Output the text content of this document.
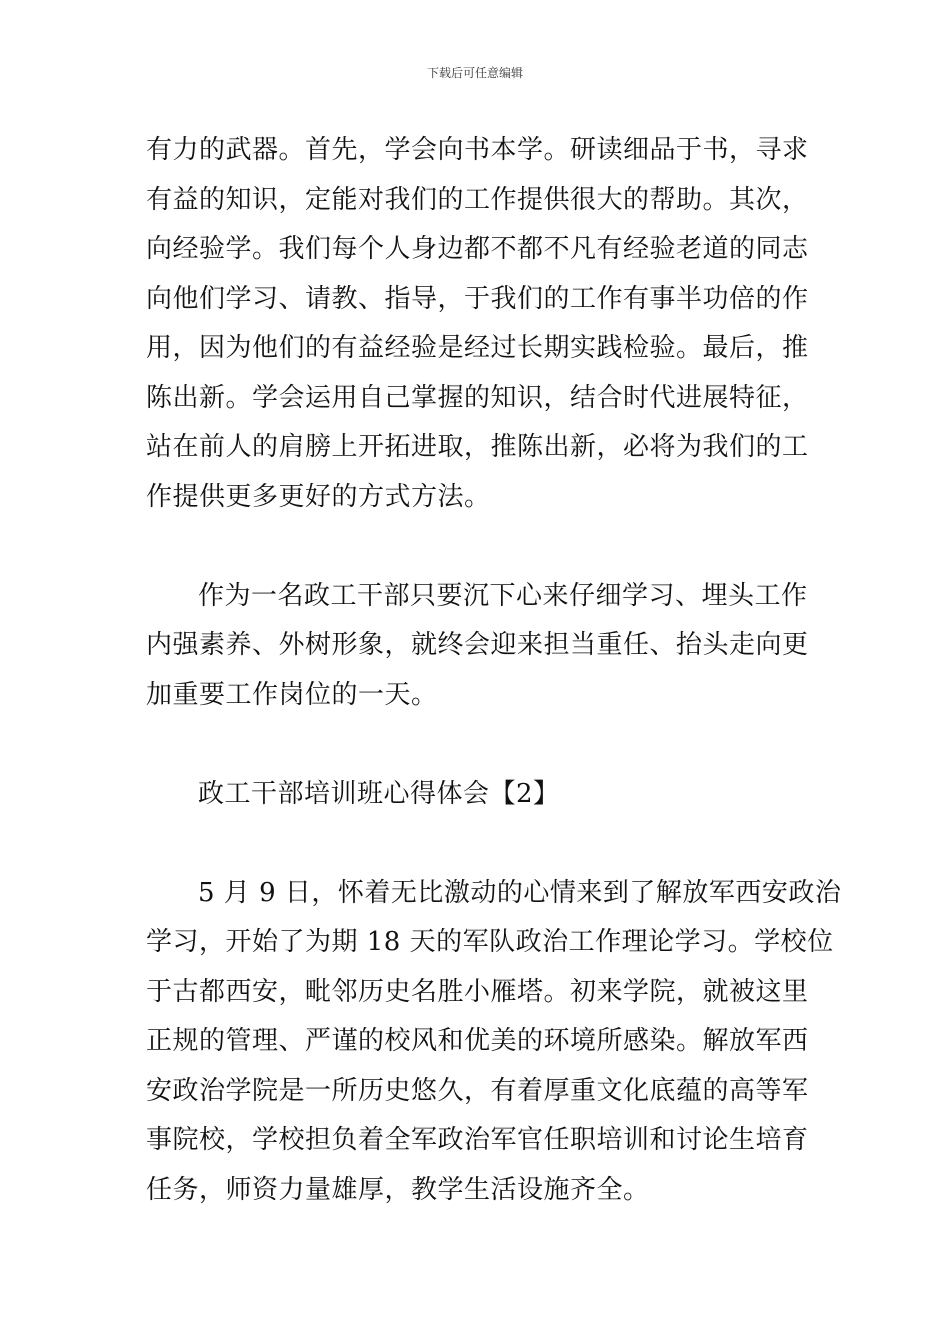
下载后可任意编辑
有力的武器。首先，学会向书本学。研读细品于书，寻求
有益的知识，定能对我们的工作提供很大的帮助。其次，
向经验学。我们每个人身边都不都不凡有经验老道的同志
向他们学习、请教、指导，于我们的工作有事半功倍的作
用，因为他们的有益经验是经过长期实践检验。最后，推
陈出新。学会运用自己掌握的知识，结合时代进展特征，
站在前人的肩膀上开拓进取，推陈出新，必将为我们的工
作提供更多更好的方式方法。
作为一名政工干部只要沉下心来仔细学习、埋头工作
内强素养、外树形象，就终会迎来担当重任、抬头走向更
加重要工作岗位的一天。
政工干部培训班心得体会【2】
5 月 9 日，怀着无比激动的心情来到了解放军西安政治
学习，开始了为期 18 天的军队政治工作理论学习。学校位
于古都西安，毗邻历史名胜小雁塔。初来学院，就被这里
正规的管理、严谨的校风和优美的环境所感染。解放军西
安政治学院是一所历史悠久，有着厚重文化底蕴的高等军
事院校，学校担负着全军政治军官任职培训和讨论生培育
任务，师资力量雄厚，教学生活设施齐全。
